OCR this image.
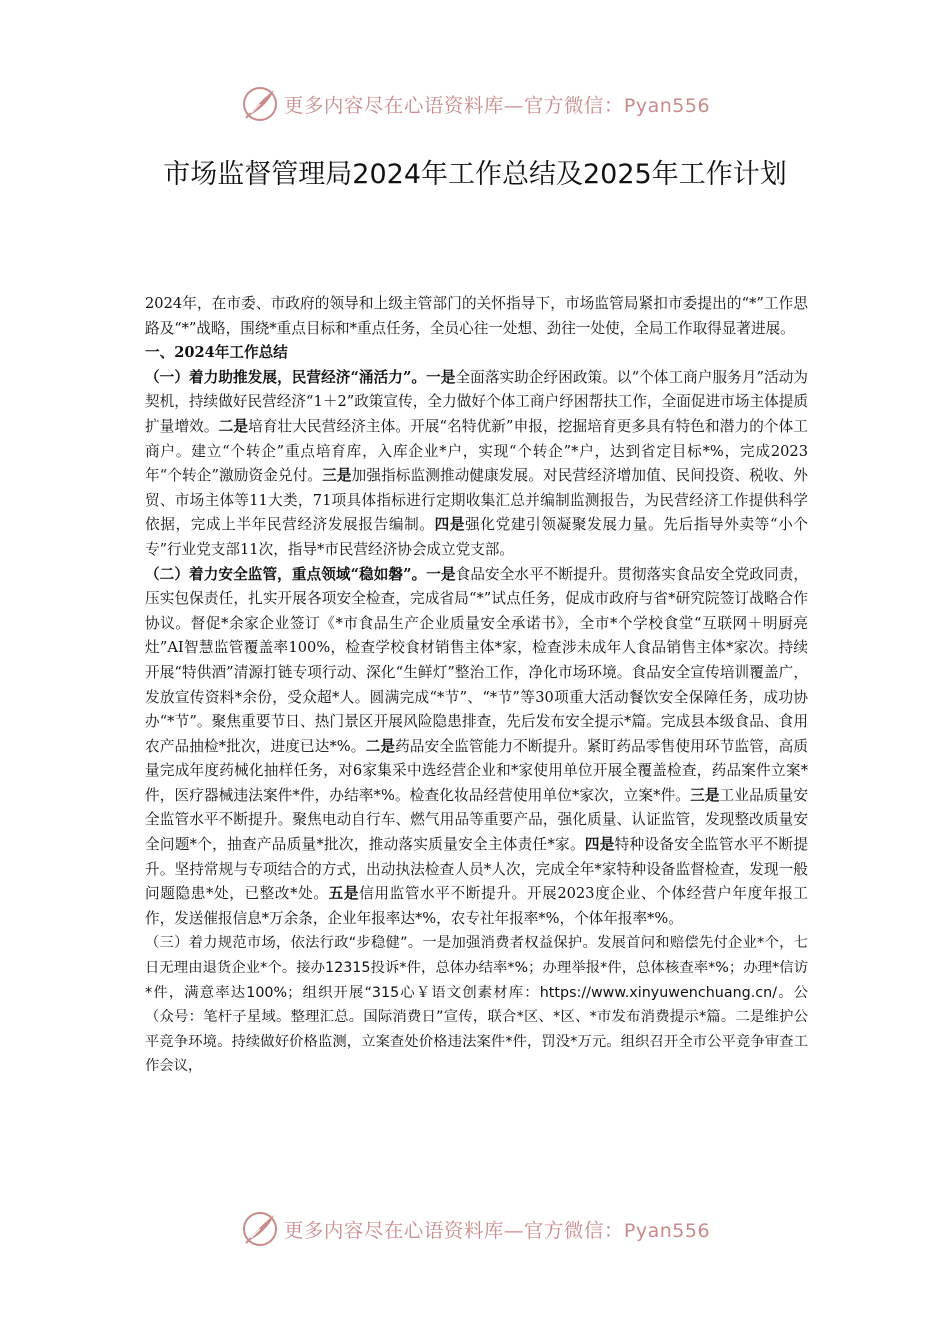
更多内容尽在心语资料库—官方微信：Pyan556
市场监督管理局2024年工作总结及2025年工作计划

2024年，在市委、市政府的领导和上级主管部门的关怀指导下，市场监管局紧扣市委提出的“*”工作思路及“*”战略，围绕*重点目标和*重点任务，全员心往一处想、劲往一处使，全局工作取得显著进展。

一、2024年工作总结

（一）着力助推发展，民营经济“涌活力”。一是全面落实助企纾困政策。以“个体工商户服务月”活动为契机，持续做好民营经济“1＋2”政策宣传，全力做好个体工商户纾困帮扶工作，全面促进市场主体提质扩量增效。二是培育壮大民营经济主体。开展“名特优新”申报，挖掘培育更多具有特色和潜力的个体工商户。建立“个转企”重点培育库，入库企业*户，实现“个转企”*户，达到省定目标*%，完成2023年“个转企”激励资金兑付。三是加强指标监测推动健康发展。对民营经济增加值、民间投资、税收、外贸、市场主体等11大类，71项具体指标进行定期收集汇总并编制监测报告，为民营经济工作提供科学依据，完成上半年民营经济发展报告编制。四是强化党建引领凝聚发展力量。先后指导外卖等“小个专”行业党支部11次，指导*市民营经济协会成立党支部。

（二）着力安全监管，重点领域“稳如磐”。一是食品安全水平不断提升。贯彻落实食品安全党政同责，压实包保责任，扎实开展各项安全检查，完成省局“*”试点任务，促成市政府与省*研究院签订战略合作协议。督促*余家企业签订《*市食品生产企业质量安全承诺书》，全市*个学校食堂“互联网＋明厨亮灶”AI智慧监管覆盖率100%，检查学校食材销售主体*家，检查涉未成年人食品销售主体*家次。持续开展“特供酒”清源打链专项行动、深化“生鲜灯”整治工作，净化市场环境。食品安全宣传培训覆盖广，发放宣传资料*余份，受众超*人。圆满完成“*节”、“*节”等30项重大活动餐饮安全保障任务，成功协办“*节”。聚焦重要节日、热门景区开展风险隐患排查，先后发布安全提示*篇。完成县本级食品、食用农产品抽检*批次，进度已达*%。二是药品安全监管能力不断提升。紧盯药品零售使用环节监管，高质量完成年度药械化抽样任务，对6家集采中选经营企业和*家使用单位开展全覆盖检查，药品案件立案*件，医疗器械违法案件*件，办结率*%。检查化妆品经营使用单位*家次，立案*件。三是工业品质量安全监管水平不断提升。聚焦电动自行车、燃气用品等重要产品，强化质量、认证监管，发现整改质量安全问题*个，抽查产品质量*批次，推动落实质量安全主体责任*家。四是特种设备安全监管水平不断提升。坚持常规与专项结合的方式，出动执法检查人员*人次，完成全年*家特种设备监督检查，发现一般问题隐患*处，已整改*处。五是信用监管水平不断提升。开展2023度企业、个体经营户年度年报工作，发送催报信息*万余条，企业年报率达*%，农专社年报率*%，个体年报率*%。

（三）着力规范市场，依法行政“步稳健”。一是加强消费者权益保护。发展首问和赔偿先付企业*个，七日无理由退货企业*个。接办12315投诉*件，总体办结率*%；办理举报*件，总体核查率*%；办理*信访*件，满意率达100%；组织开展“315心￥语文创素材库：https://www.xinyuwenchuang.cn/。公（众号：笔杆子星域。整理汇总。国际消费日”宣传，联合*区、*区、*市发布消费提示*篇。二是维护公平竞争环境。持续做好价格监测，立案查处价格违法案件*件，罚没*万元。组织召开全市公平竞争审查工作会议，

更多内容尽在心语资料库—官方微信：Pyan556
